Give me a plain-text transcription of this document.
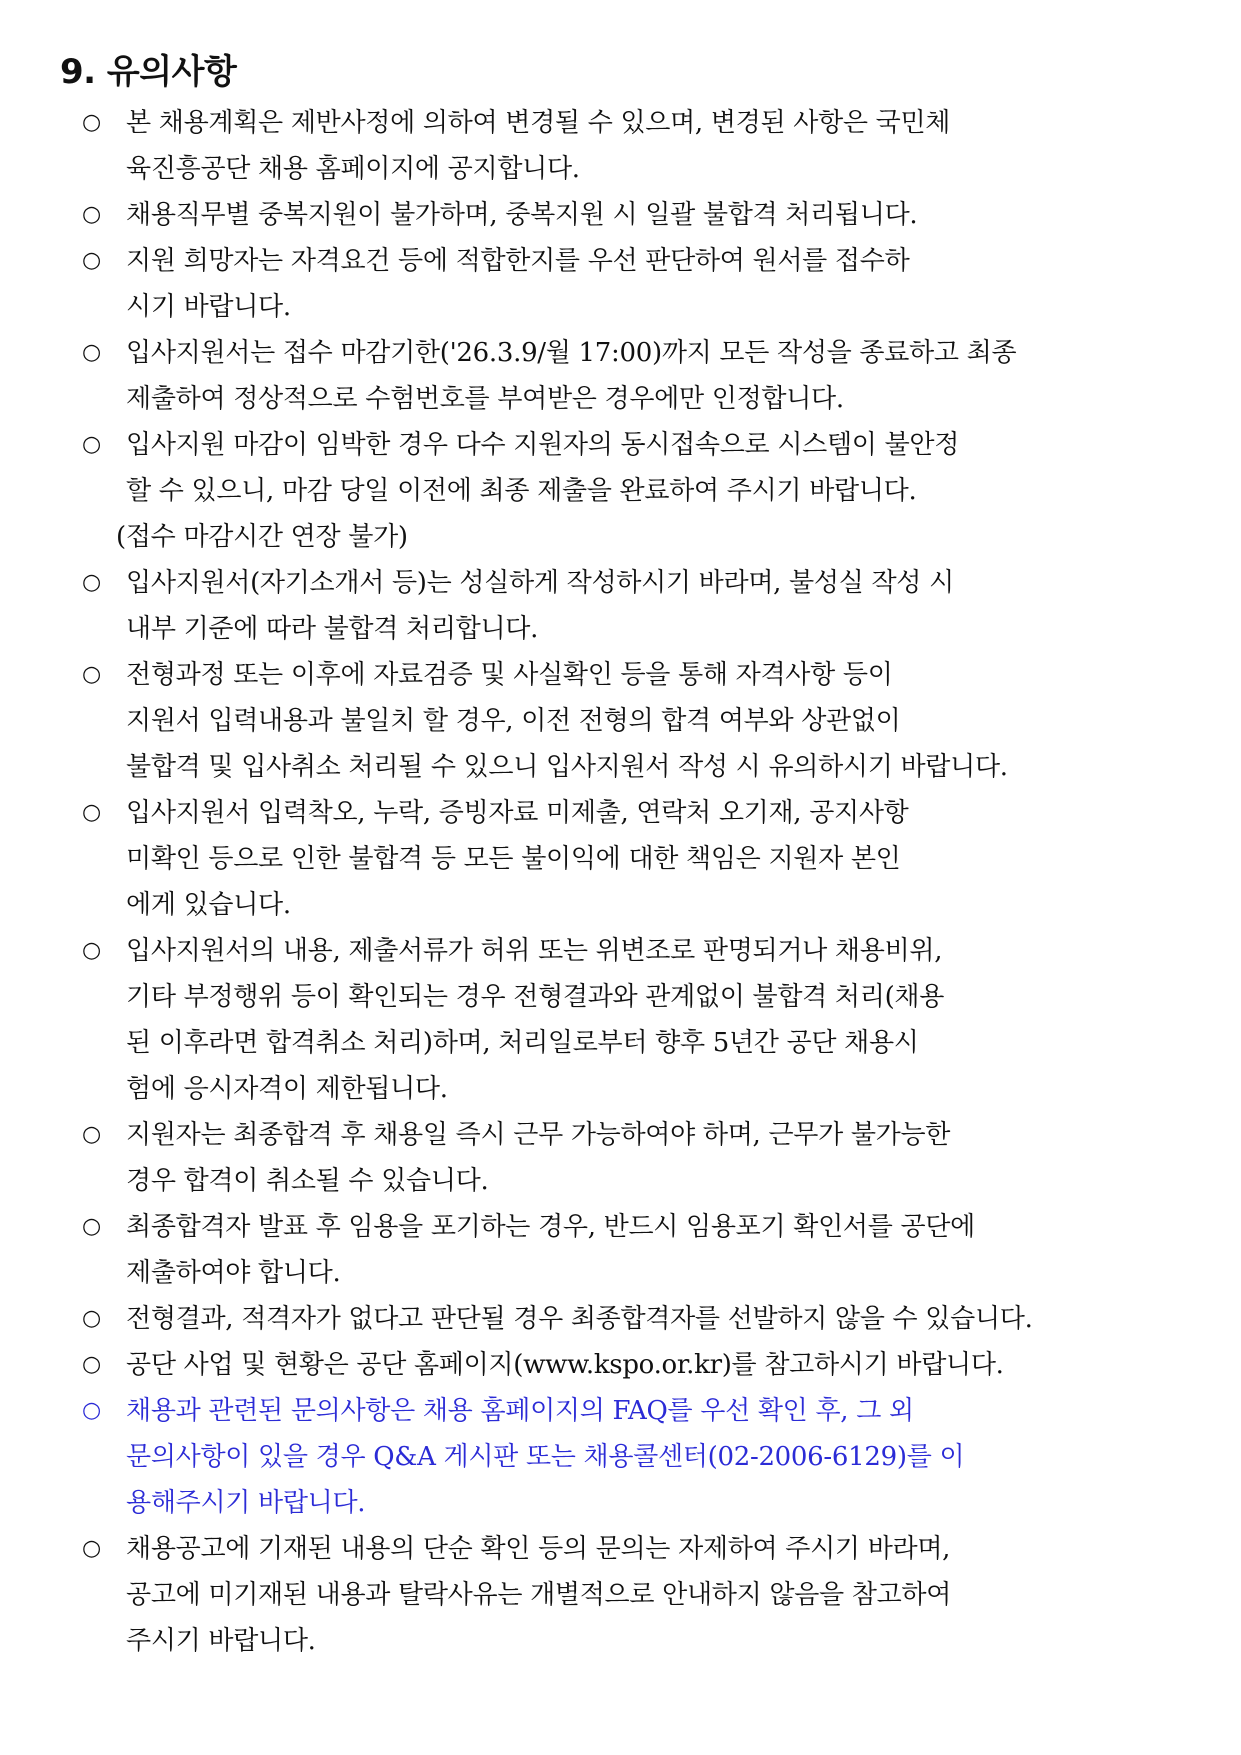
9. 유의사항
○ 본 채용계획은 제반사정에 의하여 변경될 수 있으며, 변경된 사항은 국민체
육진흥공단 채용 홈페이지에 공지합니다.
○ 채용직무별 중복지원이 불가하며, 중복지원 시 일괄 불합격 처리됩니다.
○ 지원 희망자는 자격요건 등에 적합한지를 우선 판단하여 원서를 접수하
시기 바랍니다.
○ 입사지원서는 접수 마감기한('26.3.9/월 17:00)까지 모든 작성을 종료하고 최종
제출하여 정상적으로 수험번호를 부여받은 경우에만 인정합니다.
○ 입사지원 마감이 임박한 경우 다수 지원자의 동시접속으로 시스템이 불안정
할 수 있으니, 마감 당일 이전에 최종 제출을 완료하여 주시기 바랍니다.
(접수 마감시간 연장 불가)
○ 입사지원서(자기소개서 등)는 성실하게 작성하시기 바라며, 불성실 작성 시
내부 기준에 따라 불합격 처리합니다.
○ 전형과정 또는 이후에 자료검증 및 사실확인 등을 통해 자격사항 등이
지원서 입력내용과 불일치 할 경우, 이전 전형의 합격 여부와 상관없이
불합격 및 입사취소 처리될 수 있으니 입사지원서 작성 시 유의하시기 바랍니다.
○ 입사지원서 입력착오, 누락, 증빙자료 미제출, 연락처 오기재, 공지사항
미확인 등으로 인한 불합격 등 모든 불이익에 대한 책임은 지원자 본인
에게 있습니다.
○ 입사지원서의 내용, 제출서류가 허위 또는 위변조로 판명되거나 채용비위,
기타 부정행위 등이 확인되는 경우 전형결과와 관계없이 불합격 처리(채용
된 이후라면 합격취소 처리)하며, 처리일로부터 향후 5년간 공단 채용시
험에 응시자격이 제한됩니다.
○ 지원자는 최종합격 후 채용일 즉시 근무 가능하여야 하며, 근무가 불가능한
경우 합격이 취소될 수 있습니다.
○ 최종합격자 발표 후 임용을 포기하는 경우, 반드시 임용포기 확인서를 공단에
제출하여야 합니다.
○ 전형결과, 적격자가 없다고 판단될 경우 최종합격자를 선발하지 않을 수 있습니다.
○ 공단 사업 및 현황은 공단 홈페이지(www.kspo.or.kr)를 참고하시기 바랍니다.
○ 채용과 관련된 문의사항은 채용 홈페이지의 FAQ를 우선 확인 후, 그 외
문의사항이 있을 경우 Q&A 게시판 또는 채용콜센터(02-2006-6129)를 이
용해주시기 바랍니다.
○ 채용공고에 기재된 내용의 단순 확인 등의 문의는 자제하여 주시기 바라며,
공고에 미기재된 내용과 탈락사유는 개별적으로 안내하지 않음을 참고하여
주시기 바랍니다.
